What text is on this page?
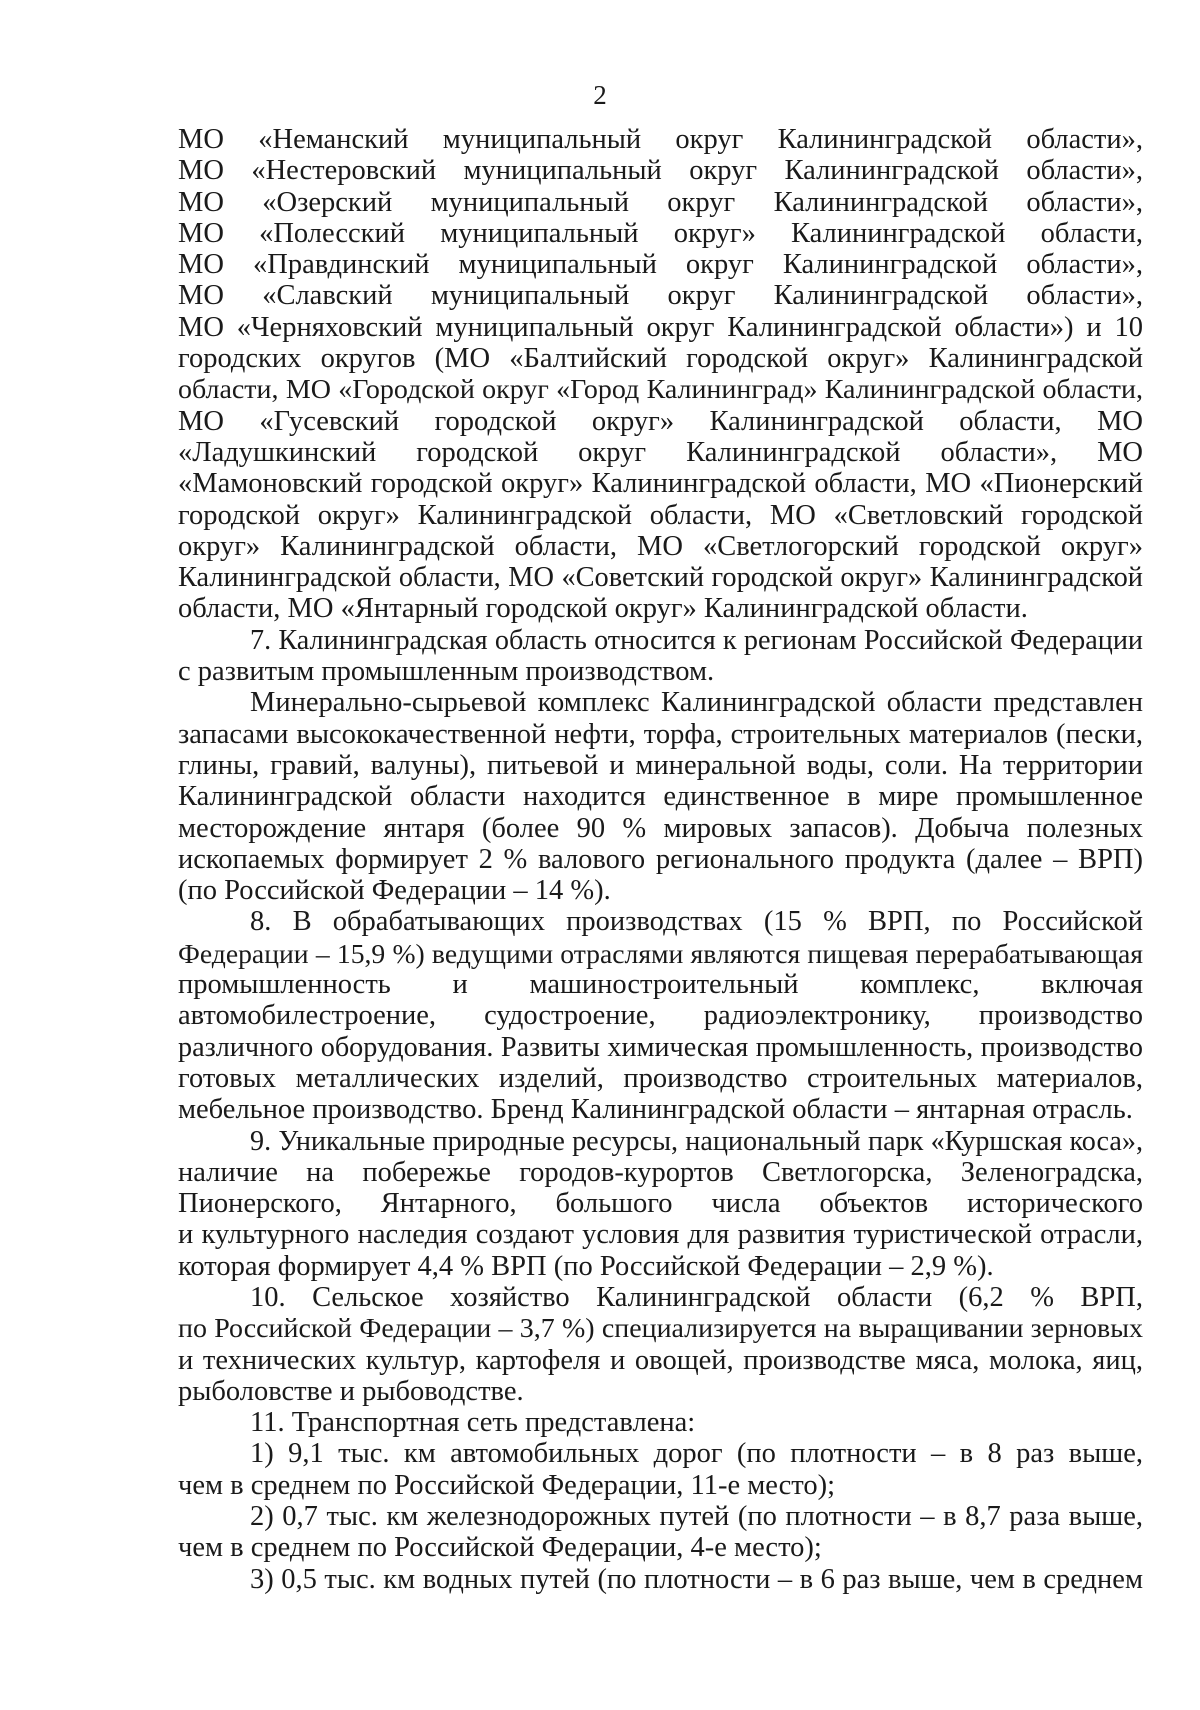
2
МО «Неманский муниципальный округ Калининградской области»,
МО «Нестеровский муниципальный округ Калининградской области»,
МО «Озерский муниципальный округ Калининградской области»,
МО «Полесский муниципальный округ» Калининградской области,
МО «Правдинский муниципальный округ Калининградской области»,
МО «Славский муниципальный округ Калининградской области»,
МО «Черняховский муниципальный округ Калининградской области») и 10
городских округов (МО «Балтийский городской округ» Калининградской
области, МО «Городской округ «Город Калининград» Калининградской области,
МО «Гусевский городской округ» Калининградской области, МО
«Ладушкинский городской округ Калининградской области», МО
«Мамоновский городской округ» Калининградской области, МО «Пионерский
городской округ» Калининградской области, МО «Светловский городской
округ» Калининградской области, МО «Светлогорский городской округ»
Калининградской области, МО «Советский городской округ» Калининградской
области, МО «Янтарный городской округ» Калининградской области.
7. Калининградская область относится к регионам Российской Федерации
с развитым промышленным производством.
Минерально-сырьевой комплекс Калининградской области представлен
запасами высококачественной нефти, торфа, строительных материалов (пески,
глины, гравий, валуны), питьевой и минеральной воды, соли. На территории
Калининградской области находится единственное в мире промышленное
месторождение янтаря (более 90 % мировых запасов). Добыча полезных
ископаемых формирует 2 % валового регионального продукта (далее – ВРП)
(по Российской Федерации – 14 %).
8. В обрабатывающих производствах (15 % ВРП, по Российской
Федерации – 15,9 %) ведущими отраслями являются пищевая перерабатывающая
промышленность и машиностроительный комплекс, включая
автомобилестроение, судостроение, радиоэлектронику, производство
различного оборудования. Развиты химическая промышленность, производство
готовых металлических изделий, производство строительных материалов,
мебельное производство. Бренд Калининградской области – янтарная отрасль.
9. Уникальные природные ресурсы, национальный парк «Куршская коса»,
наличие на побережье городов-курортов Светлогорска, Зеленоградска,
Пионерского, Янтарного, большого числа объектов исторического
и культурного наследия создают условия для развития туристической отрасли,
которая формирует 4,4 % ВРП (по Российской Федерации – 2,9 %).
10. Сельское хозяйство Калининградской области (6,2 % ВРП,
по Российской Федерации – 3,7 %) специализируется на выращивании зерновых
и технических культур, картофеля и овощей, производстве мяса, молока, яиц,
рыболовстве и рыбоводстве.
11. Транспортная сеть представлена:
1) 9,1 тыс. км автомобильных дорог (по плотности – в 8 раз выше,
чем в среднем по Российской Федерации, 11-е место);
2) 0,7 тыс. км железнодорожных путей (по плотности – в 8,7 раза выше,
чем в среднем по Российской Федерации, 4-е место);
3) 0,5 тыс. км водных путей (по плотности – в 6 раз выше, чем в среднем
